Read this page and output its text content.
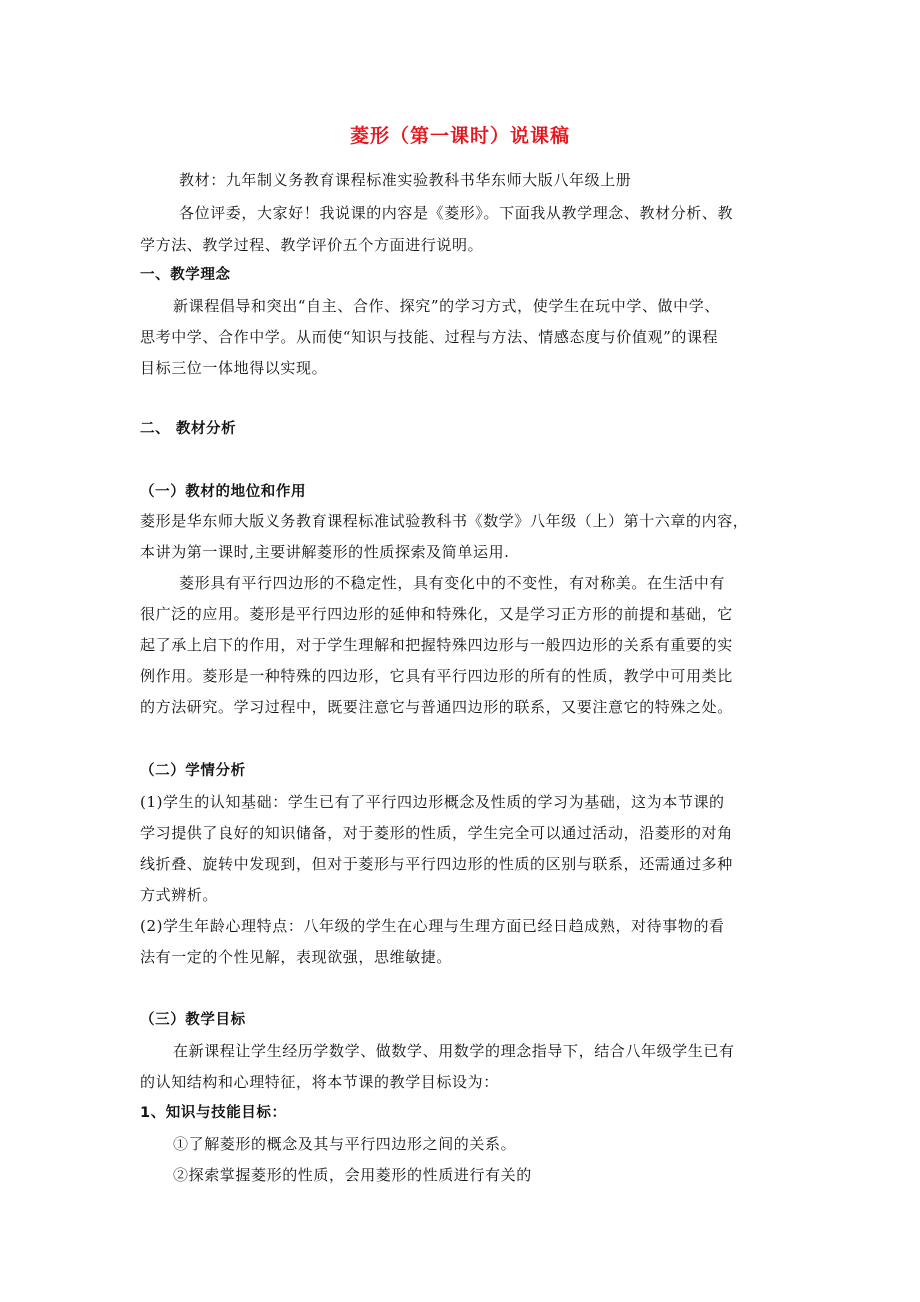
菱形（第一课时）说课稿
教材：九年制义务教育课程标准实验教科书华东师大版八年级上册
各位评委，大家好！我说课的内容是《菱形》。下面我从教学理念、教材分析、教
学方法、教学过程、教学评价五个方面进行说明。
一、教学理念
新课程倡导和突出“自主、合作、探究”的学习方式，使学生在玩中学、做中学、
思考中学、合作中学。从而使“知识与技能、过程与方法、情感态度与价值观”的课程
目标三位一体地得以实现。
二、 教材分析
（一）教材的地位和作用
菱形是华东师大版义务教育课程标准试验教科书《数学》八年级（上）第十六章的内容，
本讲为第一课时,主要讲解菱形的性质探索及简单运用.
菱形具有平行四边形的不稳定性，具有变化中的不变性，有对称美。在生活中有
很广泛的应用。菱形是平行四边形的延伸和特殊化，又是学习正方形的前提和基础，它
起了承上启下的作用，对于学生理解和把握特殊四边形与一般四边形的关系有重要的实
例作用。菱形是一种特殊的四边形，它具有平行四边形的所有的性质，教学中可用类比
的方法研究。学习过程中，既要注意它与普通四边形的联系，又要注意它的特殊之处。
（二）学情分析
(1)学生的认知基础：学生已有了平行四边形概念及性质的学习为基础，这为本节课的
学习提供了良好的知识储备，对于菱形的性质，学生完全可以通过活动，沿菱形的对角
线折叠、旋转中发现到，但对于菱形与平行四边形的性质的区别与联系，还需通过多种
方式辨析。
(2)学生年龄心理特点：八年级的学生在心理与生理方面已经日趋成熟，对待事物的看
法有一定的个性见解，表现欲强，思维敏捷。
（三）教学目标
在新课程让学生经历学数学、做数学、用数学的理念指导下，结合八年级学生已有
的认知结构和心理特征，将本节课的教学目标设为：
1、知识与技能目标：
①了解菱形的概念及其与平行四边形之间的关系。
②探索掌握菱形的性质，会用菱形的性质进行有关的
